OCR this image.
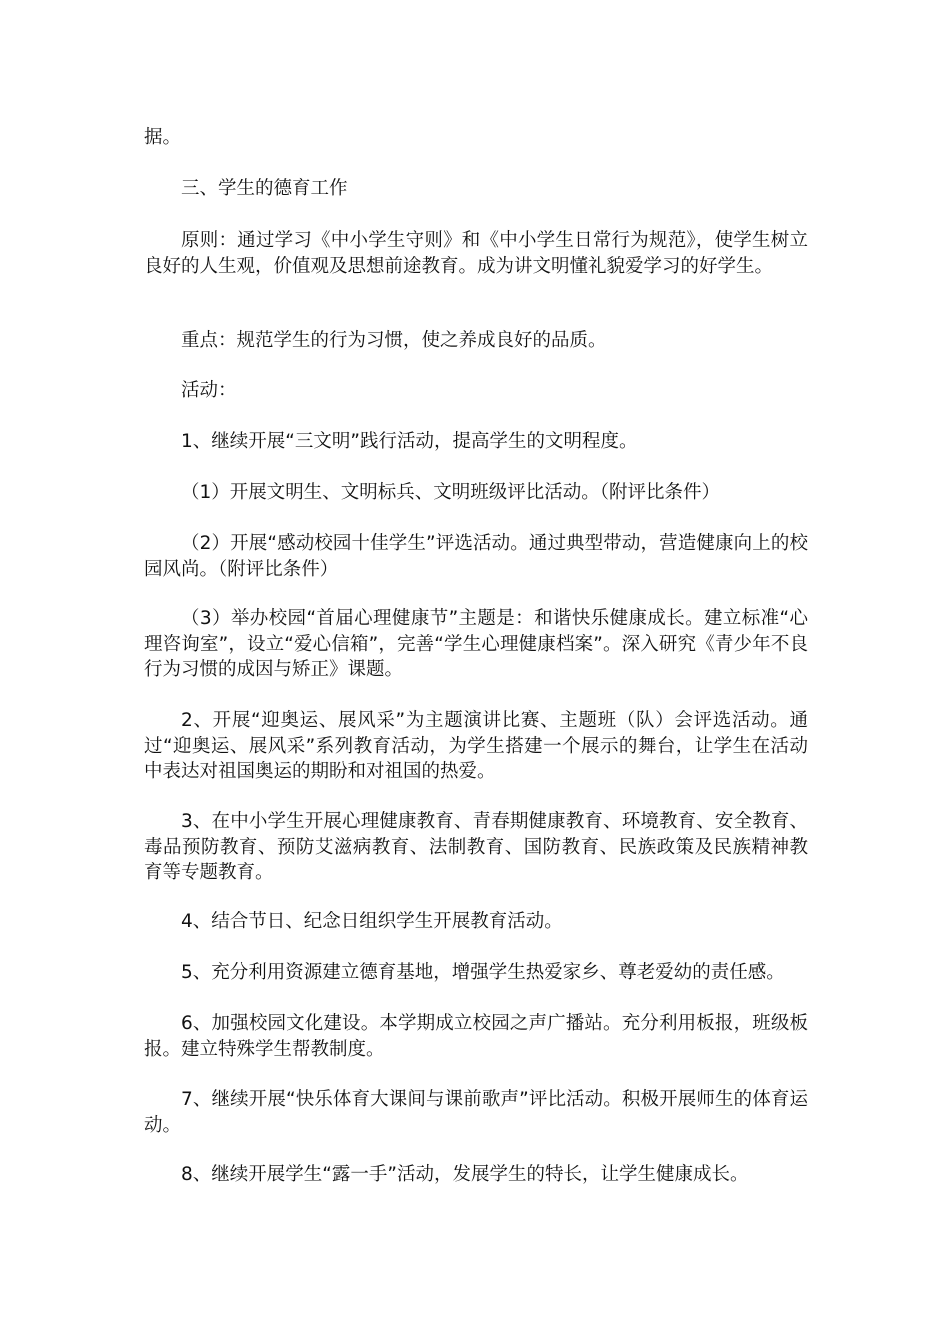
据。

三、学生的德育工作

原则：通过学习《中小学生守则》和《中小学生日常行为规范》，使学生树立良好的人生观，价值观及思想前途教育。成为讲文明懂礼貌爱学习的好学生。

重点：规范学生的行为习惯，使之养成良好的品质。

活动：

1、继续开展“三文明”践行活动，提高学生的文明程度。

（1）开展文明生、文明标兵、文明班级评比活动。（附评比条件）

（2）开展“感动校园十佳学生”评选活动。通过典型带动，营造健康向上的校园风尚。（附评比条件）

（3）举办校园“首届心理健康节”主题是：和谐快乐健康成长。建立标准“心理咨询室”，设立“爱心信箱”，完善“学生心理健康档案”。深入研究《青少年不良行为习惯的成因与矫正》课题。

2、开展“迎奥运、展风采”为主题演讲比赛、主题班（队）会评选活动。通过“迎奥运、展风采”系列教育活动，为学生搭建一个展示的舞台，让学生在活动中表达对祖国奥运的期盼和对祖国的热爱。

3、在中小学生开展心理健康教育、青春期健康教育、环境教育、安全教育、毒品预防教育、预防艾滋病教育、法制教育、国防教育、民族政策及民族精神教育等专题教育。

4、结合节日、纪念日组织学生开展教育活动。

5、充分利用资源建立德育基地，增强学生热爱家乡、尊老爱幼的责任感。

6、加强校园文化建设。本学期成立校园之声广播站。充分利用板报，班级板报。建立特殊学生帮教制度。

7、继续开展“快乐体育大课间与课前歌声”评比活动。积极开展师生的体育运动。

8、继续开展学生“露一手”活动，发展学生的特长，让学生健康成长。
